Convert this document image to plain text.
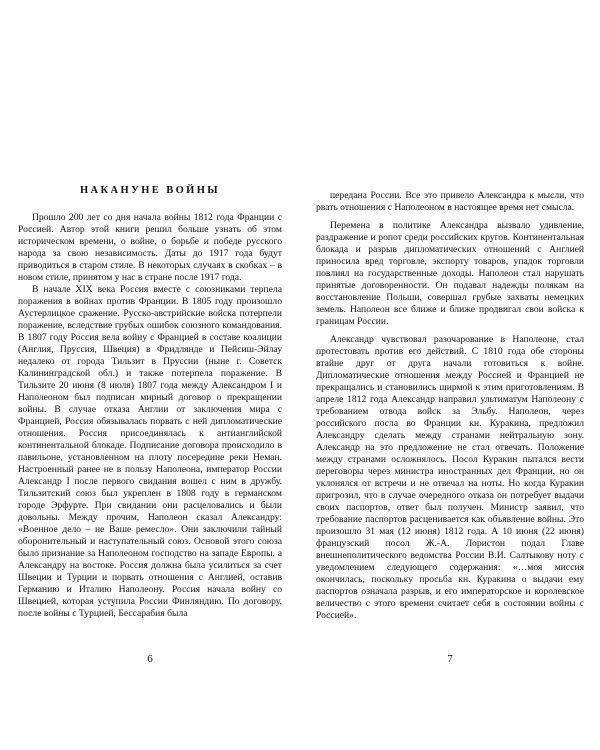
НАКАНУНЕ ВОЙНЫ

Прошло 200 лет со дня начала войны 1812 года Франции с Россией. Автор этой книги решил больше узнать об этом историческом времени, о войне, о борьбе и победе русского народа за свою независимость. Даты до 1917 года будут приводиться в старом стиле. В некоторых случаях в скобках – в новом стиле, принятом у нас в стране после 1917 года.

В начале XIX века Россия вместе с союзниками терпела поражения в войнах против Франции. В 1805 году произошло Аустерлицкое сражение. Русско-австрийские войска потерпели поражение, вследствие грубых ошибок союзного командования. В 1807 году Россия вела войну с Францией в составе коалиции (Англия, Пруссия, Швеция) в Фридлянде и Пейсиш-Эйлау недалеко от города Тильзит в Пруссии (ныне г. Советск Калининградской обл.) и также потерпела поражение. В Тильзите 20 июня (8 июля) 1807 года между Александром I и Наполеоном был подписан мирный договор о прекращении войны. В случае отказа Англии от заключения мира с Францией, Россия обязывалась порвать с ней дипломатические отношения. Россия присоединялась к антианглийской континентальной блокаде. Подписание договора происходило в павильоне, установленном на плоту посередине реки Неман. Настроенный ранее не в пользу Наполеона, император России Александр I после первого свидания вошел с ним в дружбу. Тильзитский союз был укреплен в 1808 году в германском городе Эрфурте. При свидании они расцеловались и были довольны. Между прочим, Наполеон сказал Александру: «Военное дело – не Ваше ремесло». Они заключили тайный оборонительный и наступательный союз. Основой этого союза было признание за Наполеоном господство на западе Европы, а Александру на востоке. Россия должна была усилиться за счет Швеции и Турции и порвать отношения с Англией, оставив Германию и Италию Наполеону. Россия начала войну со Швецией, которая уступила России Финляндию. По договору, после войны с Турцией, Бессарабия была

6

передана России. Все это привело Александра к мысли, что рвать отношения с Наполеоном в настоящее время нет смысла.

Перемена в политике Александра вызвало удивление, раздражение и ропот среди российских кругов. Континентальная блокада и разрыв дипломатических отношений с Англией приносила вред торговле, экспорту товаров, упадок торговли повлиял на государственные доходы. Наполеон стал нарушать принятые договоренности. Он подавал надежды полякам на восстановление Польши, совершал грубые захваты немецких земель. Наполеон все ближе и ближе продвигал свои войска к границам России.

Александр чувствовал разочарование в Наполеоне, стал протестовать против его действий. С 1810 года обе стороны втайне друг от друга начали готовиться к войне. Дипломатические отношения между Россией и Францией не прекращались и становились ширмой к этим приготовлениям. В апреле 1812 года Александр направил ультиматум Наполеону с требованием отвода войск за Эльбу. Наполеон, через российского посла во Франции кн. Куракина, предложил Александру сделать между странами нейтральную зону. Александр на это предложение не стал отвечать. Положение между странами осложнялось. Посол Куракин пытался вести переговоры через министра иностранных дел Франции, но он уклонялся от встречи и не отвечал на ноты. Но когда Куракин пригрозил, что в случае очередного отказа он потребует выдачи своих паспортов, ответ был получен. Министр заявил, что требование паспортов расценивается как объявление войны. Это произошло 31 мая (12 июня) 1812 года. А 10 июня (22 июня) французский посол Ж.-А. Лористон подал Главе внешнеполитического ведомства России В.И. Салтыкову ноту с уведомлением следующего содержания: «…моя миссия окончилась, поскольку просьба кн. Куракина о выдачи ему паспортов означала разрыв, и его императорское и королевское величество с этого времени считает себя в состоянии войны с Россией».

7
